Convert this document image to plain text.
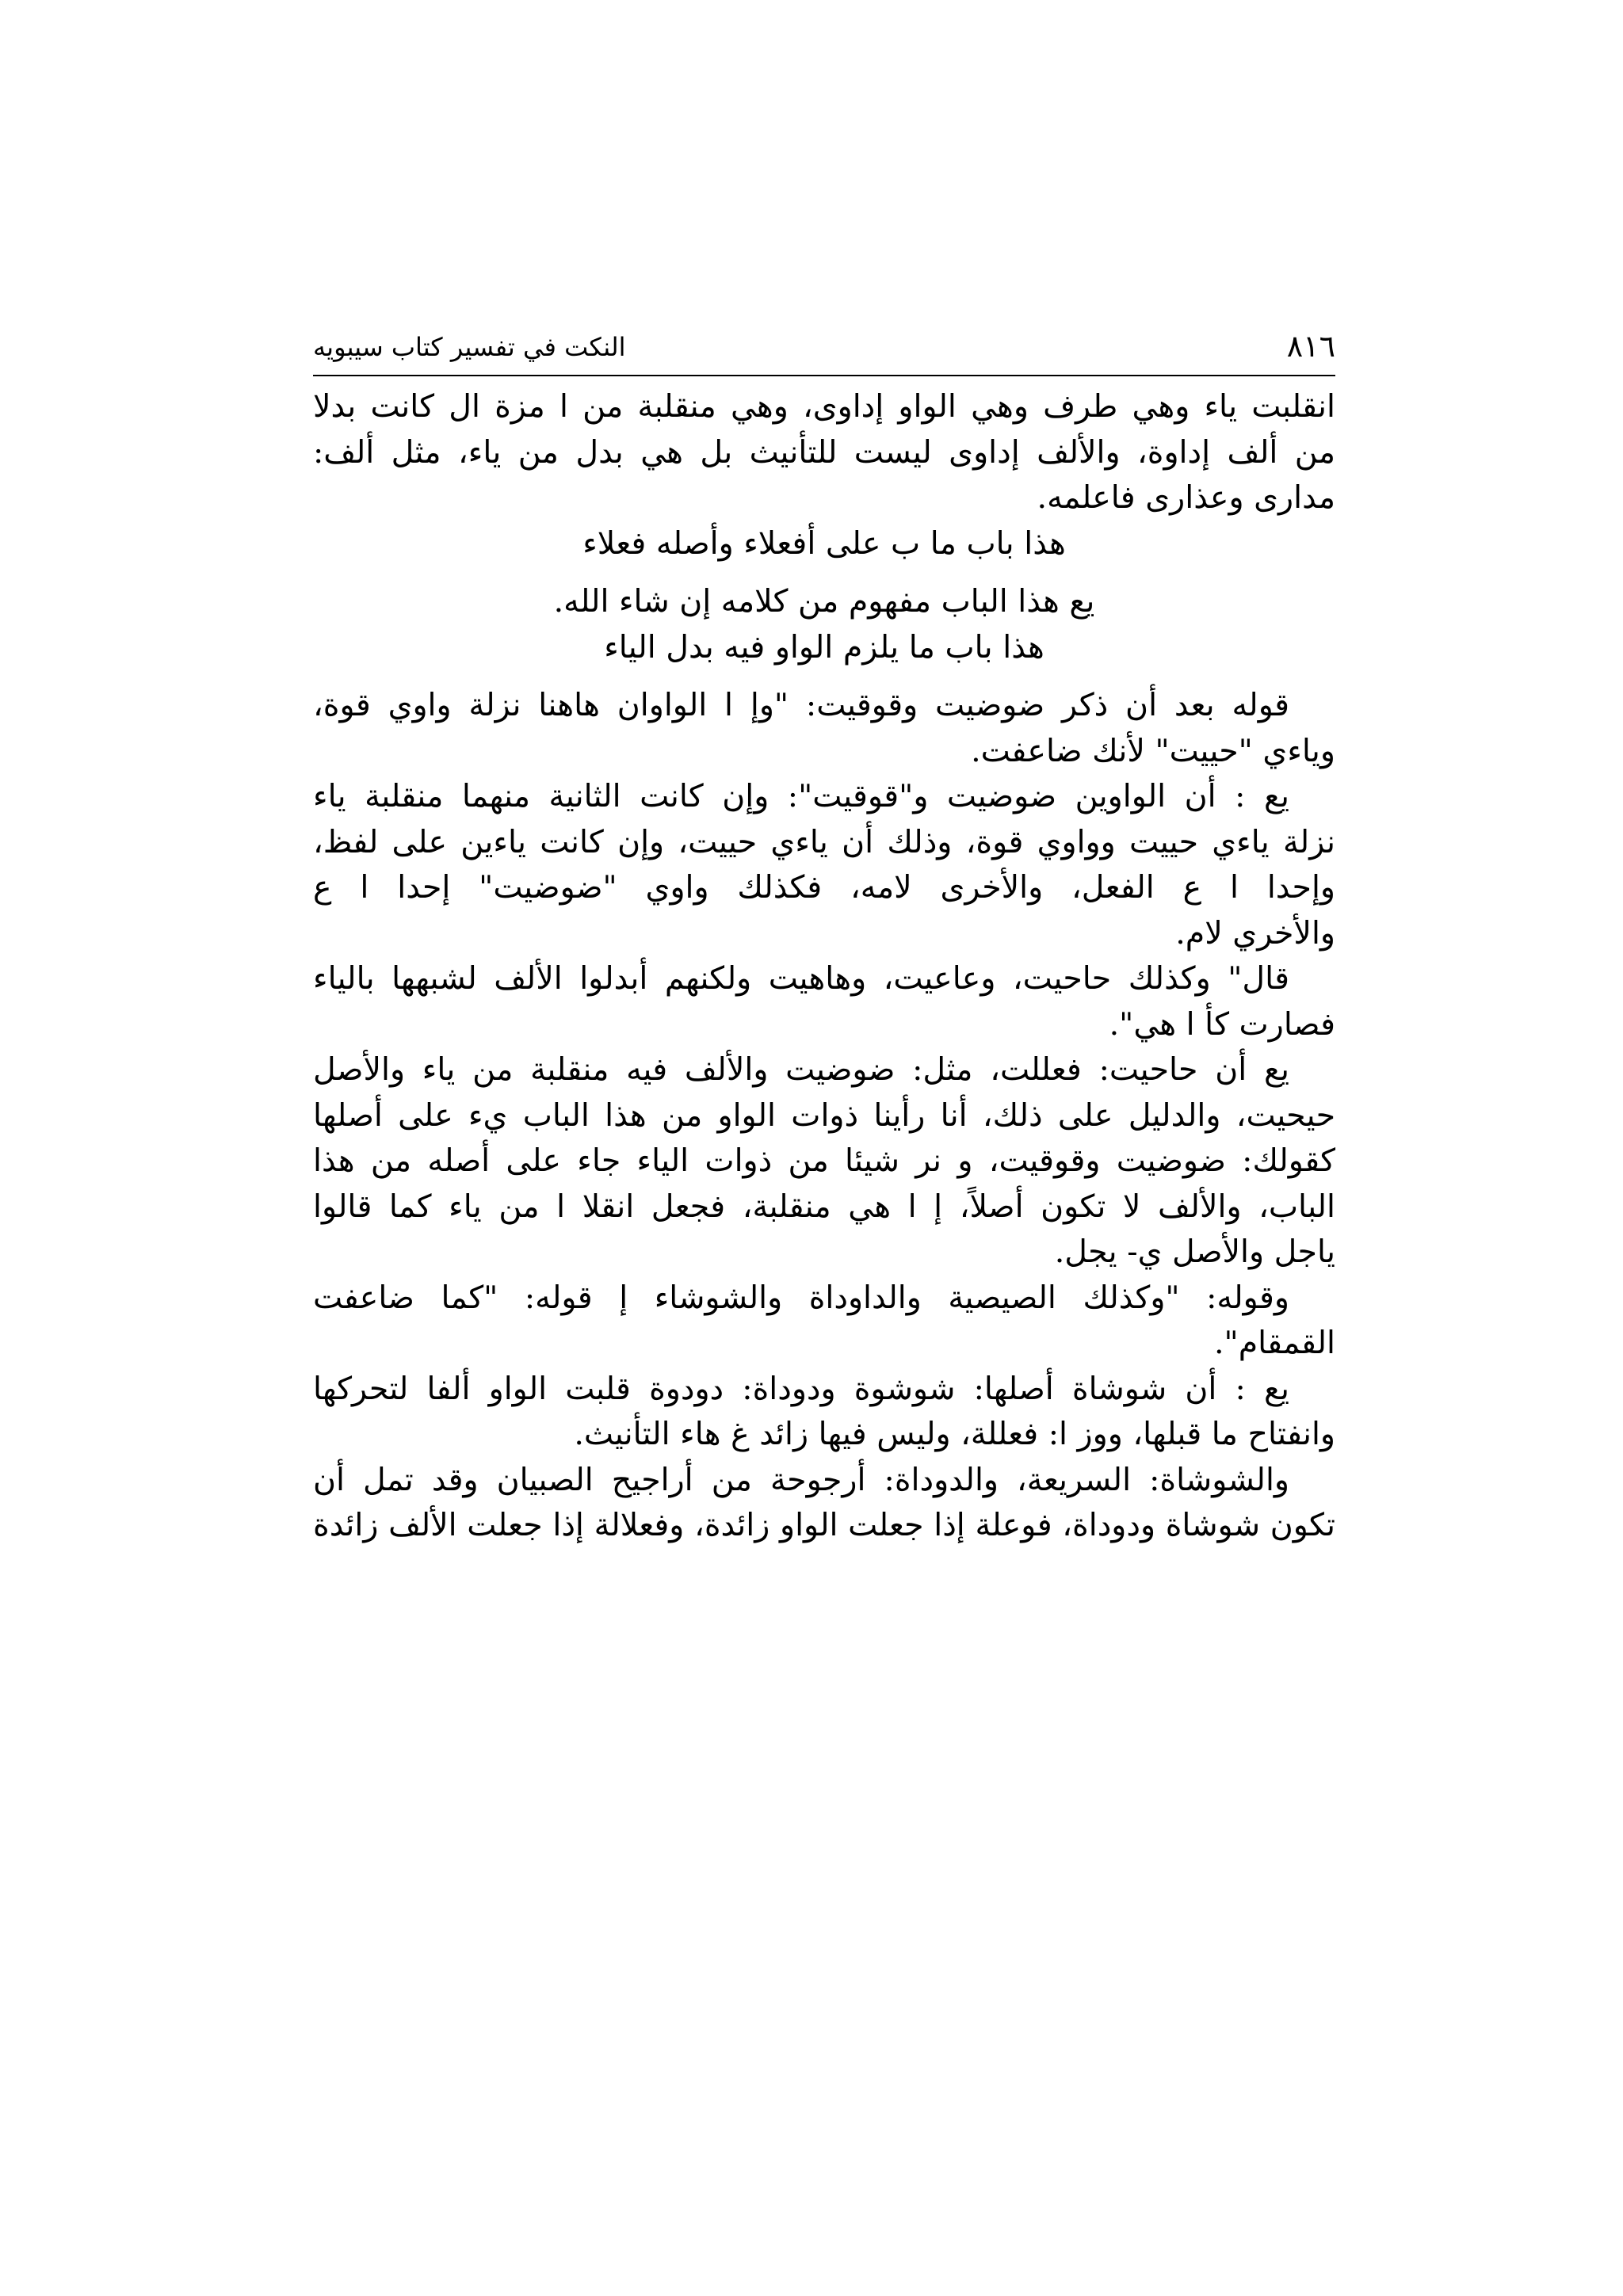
٨١٦
النكت في تفسير كتاب سيبويه

انقلبت ياء وهي طرف وهي الواو إداوى، وهي منقلبة من ا مزة ال كانت بدلا

من ألف إداوة، والألف إداوى ليست للتأنيث بل هي بدل من ياء، مثل ألف:

مدارى وعذارى فاعلمه.

هذا باب ما ب على أفعلاء وأصله فعلاء

يع هذا الباب مفهوم من كلامه إن شاء الله.

هذا باب ما يلزم الواو فيه بدل الياء

قوله بعد أن ذكر ضوضيت وقوقيت: "وإ ا الواوان هاهنا نزلة واوي قوة،

وياءي "حييت" لأنك ضاعفت.

يع : أن الواوين ضوضيت و"قوقيت": وإن كانت الثانية منهما منقلبة ياء

نزلة ياءي حييت وواوي قوة، وذلك أن ياءي حييت، وإن كانت ياءين على لفظ،

وإحدا ا ع الفعل، والأخرى لامه، فكذلك واوي "ضوضيت" إحدا ا ع

والأخري لام.

قال" وكذلك حاحيت، وعاعيت، وهاهيت ولكنهم أبدلوا الألف لشبهها بالياء

فصارت كأ ا هي".

يع أن حاحيت: فعللت، مثل: ضوضيت والألف فيه منقلبة من ياء والأصل

حيحيت، والدليل على ذلك، أنا رأينا ذوات الواو من هذا الباب يء على أصلها

كقولك: ضوضيت وقوقيت، و نر شيئا من ذوات الياء جاء على أصله من هذا

الباب، والألف لا تكون أصلاً، إ ا هي منقلبة، فجعل انقلا ا من ياء كما قالوا

ياجل والأصل ي- يجل.

وقوله: "وكذلك الصيصية والداوداة والشوشاء إ قوله: "كما ضاعفت

القمقام".

يع : أن شوشاة أصلها: شوشوة ودوداة: دودوة قلبت الواو ألفا لتحركها

وانفتاح ما قبلها، ووز ا: فعللة، وليس فيها زائد غ هاء التأنيث.

والشوشاة: السريعة، والدوداة: أرجوحة من أراجيح الصبيان وقد تمل أن

تكون شوشاة ودوداة، فوعلة إذا جعلت الواو زائدة، وفعلالة إذا جعلت الألف زائدة
